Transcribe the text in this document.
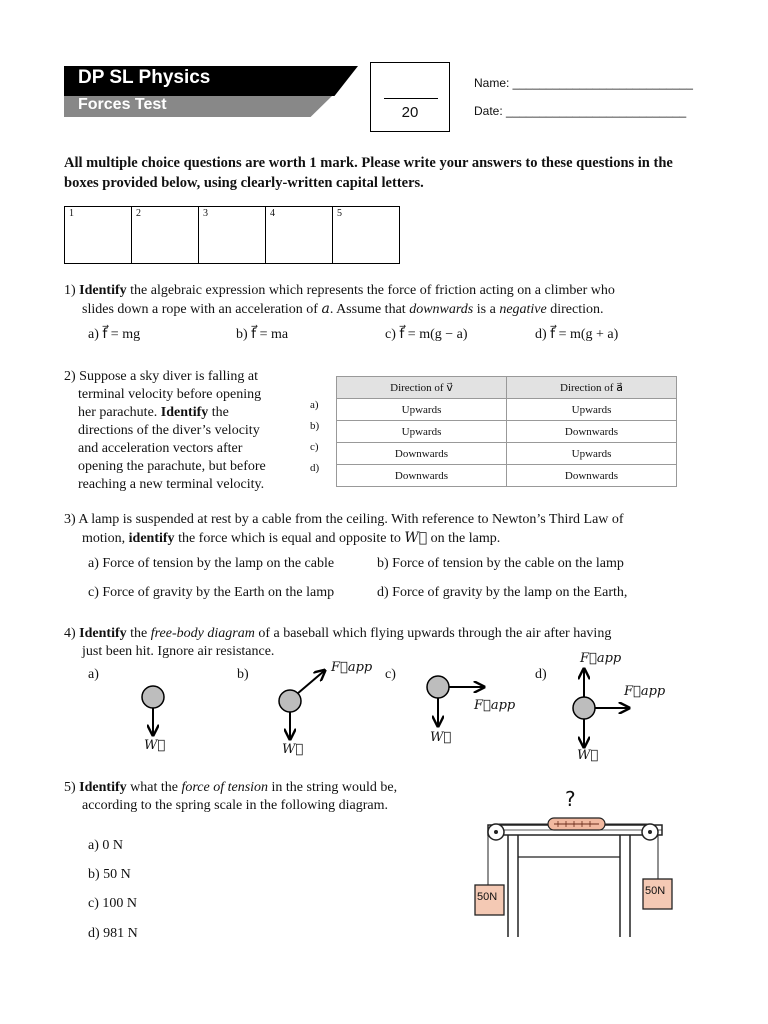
DP SL Physics
Forces Test	20
Name: ___________________________
Date: ___________________________
All multiple choice questions are worth 1 mark. Please write your answers to these questions in the boxes provided below, using clearly-written capital letters.
1	2	3	4	5
1) Identify the algebraic expression which represents the force of friction acting on a climber who
slides down a rope with an acceleration of a. Assume that downwards is a negative direction.
a) f⃗ = mg	b) f⃗ = ma	c) f⃗ = m(g − a)	d) f⃗ = m(g + a)
2) Suppose a sky diver is falling at
terminal velocity before opening
her parachute. Identify the
directions of the diver’s velocity
and acceleration vectors after
opening the parachute, but before
reaching a new terminal velocity.
a)
b)
c)
d)
Direction of v⃗	Direction of a⃗
Upwards	Upwards
Upwards	Downwards
Downwards	Upwards
Downwards	Downwards
3) A lamp is suspended at rest by a cable from the ceiling. With reference to Newton’s Third Law of
motion, identify the force which is equal and opposite to W⃗ on the lamp.
a) Force of tension by the lamp on the cable	b) Force of tension by the cable on the lamp
c) Force of gravity by the Earth on the lamp	d) Force of gravity by the lamp on the Earth,
4) Identify the free-body diagram of a baseball which flying upwards through the air after having
just been hit. Ignore air resistance.
a)	b)	c)	d)
W⃗	W⃗
F⃗app
W⃗
F⃗app
F⃗app
F⃗app
W⃗
5) Identify what the force of tension in the string would be,
according to the spring scale in the following diagram.
a) 0 N
b) 50 N
c) 100 N
d) 981 N
?
50N	50N
